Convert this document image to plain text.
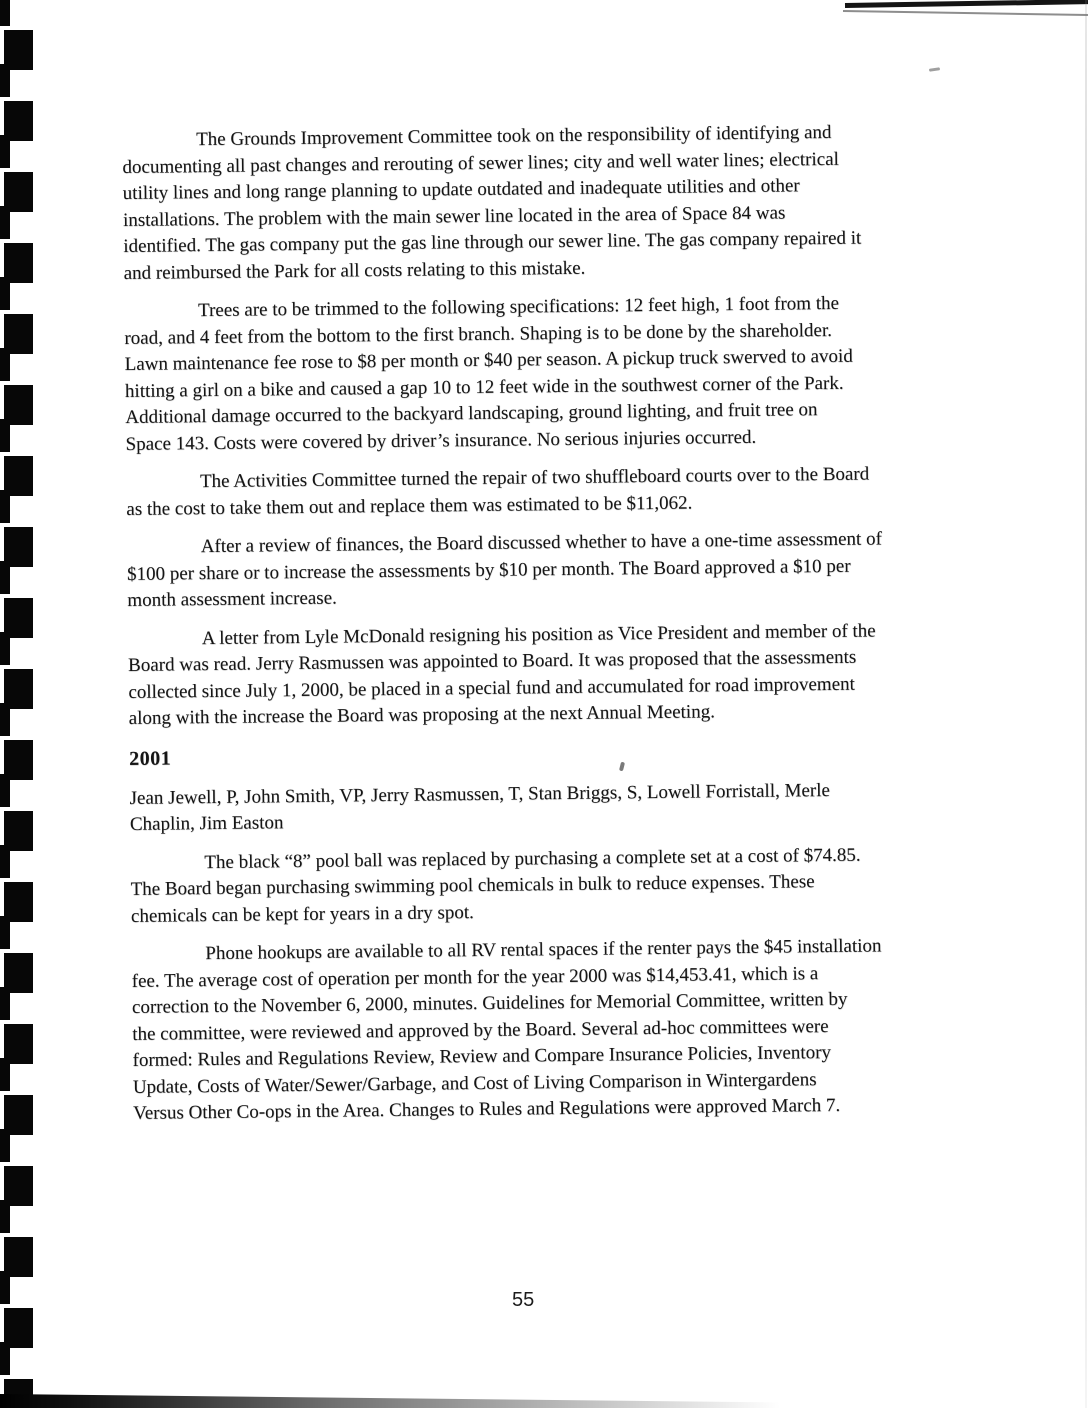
The Grounds Improvement Committee took on the responsibility of identifying and
documenting all past changes and rerouting of sewer lines; city and well water lines; electrical
utility lines and long range planning to update outdated and inadequate utilities and other
installations. The problem with the main sewer line located in the area of Space 84 was
identified. The gas company put the gas line through our sewer line. The gas company repaired it
and reimbursed the Park for all costs relating to this mistake.

Trees are to be trimmed to the following specifications: 12 feet high, 1 foot from the
road, and 4 feet from the bottom to the first branch. Shaping is to be done by the shareholder.
Lawn maintenance fee rose to $8 per month or $40 per season. A pickup truck swerved to avoid
hitting a girl on a bike and caused a gap 10 to 12 feet wide in the southwest corner of the Park.
Additional damage occurred to the backyard landscaping, ground lighting, and fruit tree on
Space 143. Costs were covered by driver’s insurance. No serious injuries occurred.

The Activities Committee turned the repair of two shuffleboard courts over to the Board
as the cost to take them out and replace them was estimated to be $11,062.

After a review of finances, the Board discussed whether to have a one-time assessment of
$100 per share or to increase the assessments by $10 per month. The Board approved a $10 per
month assessment increase.

A letter from Lyle McDonald resigning his position as Vice President and member of the
Board was read. Jerry Rasmussen was appointed to Board. It was proposed that the assessments
collected since July 1, 2000, be placed in a special fund and accumulated for road improvement
along with the increase the Board was proposing at the next Annual Meeting.

2001

Jean Jewell, P, John Smith, VP, Jerry Rasmussen, T, Stan Briggs, S, Lowell Forristall, Merle
Chaplin, Jim Easton

The black “8” pool ball was replaced by purchasing a complete set at a cost of $74.85.
The Board began purchasing swimming pool chemicals in bulk to reduce expenses. These
chemicals can be kept for years in a dry spot.

Phone hookups are available to all RV rental spaces if the renter pays the $45 installation
fee. The average cost of operation per month for the year 2000 was $14,453.41, which is a
correction to the November 6, 2000, minutes. Guidelines for Memorial Committee, written by
the committee, were reviewed and approved by the Board. Several ad-hoc committees were
formed: Rules and Regulations Review, Review and Compare Insurance Policies, Inventory
Update, Costs of Water/Sewer/Garbage, and Cost of Living Comparison in Wintergardens
Versus Other Co-ops in the Area. Changes to Rules and Regulations were approved March 7.

55
